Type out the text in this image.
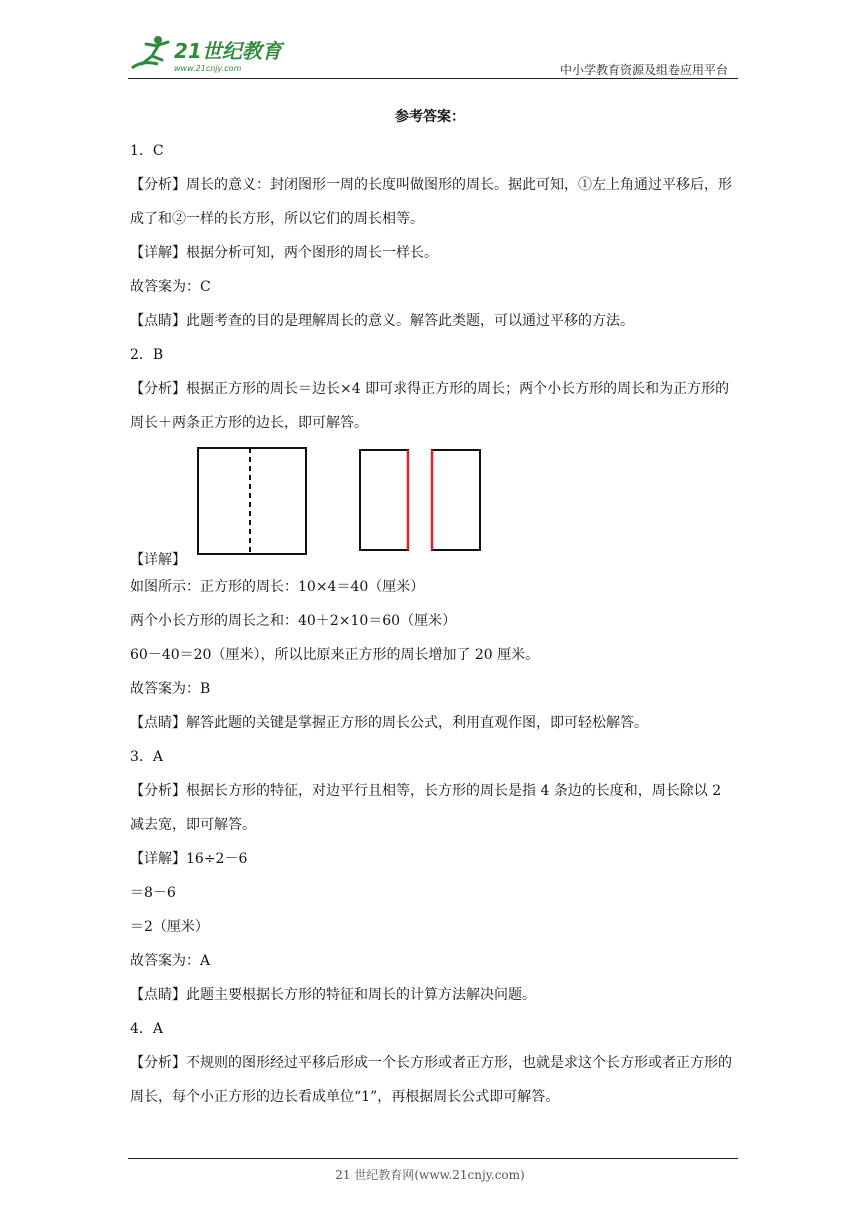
21世纪教育
www.21cnjy.com	中小学教育资源及组卷应用平台
参考答案：
1．C
【分析】周长的意义：封闭图形一周的长度叫做图形的周长。据此可知，①左上角通过平移后，形成了和②一样的长方形，所以它们的周长相等。
【详解】根据分析可知，两个图形的周长一样长。
故答案为：C
【点睛】此题考查的目的是理解周长的意义。解答此类题，可以通过平移的方法。
2．B
【分析】根据正方形的周长＝边长×4 即可求得正方形的周长；两个小长方形的周长和为正方形的周长＋两条正方形的边长，即可解答。
【详解】
如图所示：正方形的周长：10×4＝40（厘米）
两个小长方形的周长之和：40＋2×10＝60（厘米）
60－40＝20（厘米），所以比原来正方形的周长增加了 20 厘米。
故答案为：B
【点睛】解答此题的关键是掌握正方形的周长公式，利用直观作图，即可轻松解答。
3．A
【分析】根据长方形的特征，对边平行且相等，长方形的周长是指 4 条边的长度和，周长除以 2 减去宽，即可解答。
【详解】16÷2－6
＝8－6
＝2（厘米）
故答案为：A
【点睛】此题主要根据长方形的特征和周长的计算方法解决问题。
4．A
【分析】不规则的图形经过平移后形成一个长方形或者正方形，也就是求这个长方形或者正方形的周长，每个小正方形的边长看成单位“1”，再根据周长公式即可解答。
21 世纪教育网(www.21cnjy.com)
